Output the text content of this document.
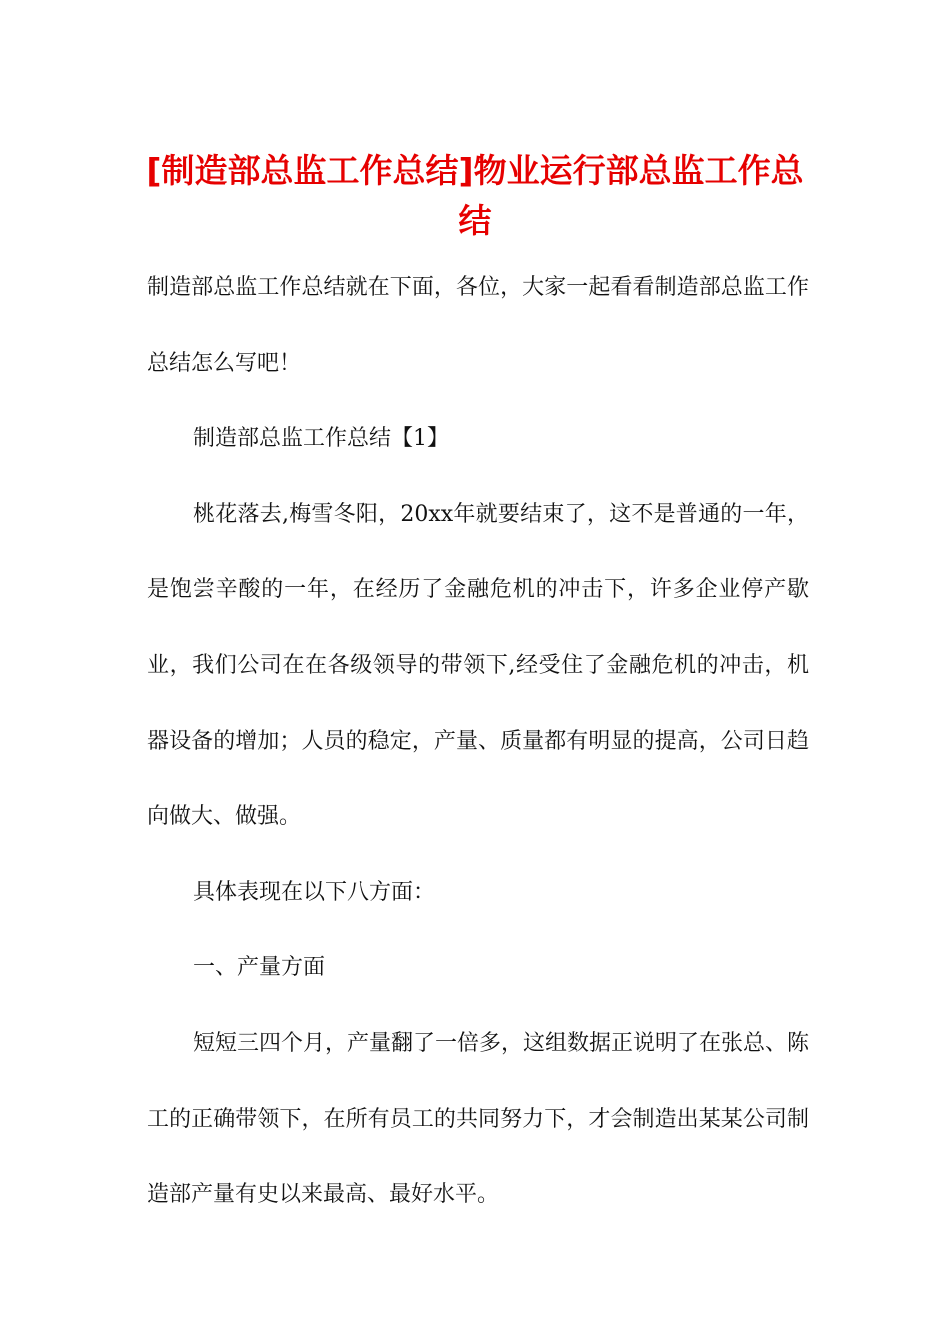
[制造部总监工作总结]物业运行部总监工作总结

制造部总监工作总结就在下面，各位，大家一起看看制造部总监工作总结怎么写吧！

制造部总监工作总结【1】

桃花落去,梅雪冬阳，20xx年就要结束了，这不是普通的一年，是饱尝辛酸的一年，在经历了金融危机的冲击下，许多企业停产歇业，我们公司在在各级领导的带领下,经受住了金融危机的冲击，机器设备的增加；人员的稳定，产量、质量都有明显的提高，公司日趋向做大、做强。

具体表现在以下八方面：

一、产量方面

短短三四个月，产量翻了一倍多，这组数据正说明了在张总、陈工的正确带领下，在所有员工的共同努力下，才会制造出某某公司制造部产量有史以来最高、最好水平。
